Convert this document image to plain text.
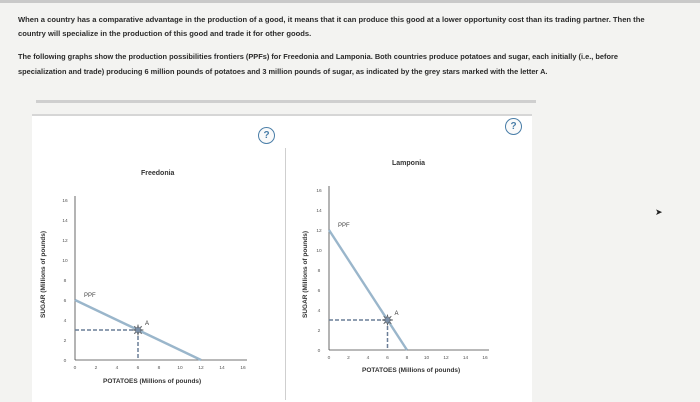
When a country has a comparative advantage in the production of a good, it means that it can produce this good at a lower opportunity cost than its trading partner. Then the country will specialize in the production of this good and trade it for other goods.
The following graphs show the production possibilities frontiers (PPFs) for Freedonia and Lamponia. Both countries produce potatoes and sugar, each initially (i.e., before specialization and trade) producing 6 million pounds of potatoes and 3 million pounds of sugar, as indicated by the grey stars marked with the letter A.
?
?
Freedonia
SUGAR (Millions of pounds)
POTATOES (Millions of pounds)
Lamponia
SUGAR (Millions of pounds)
POTATOES (Millions of pounds)
➤
0
2
4
6
8
10
12
14
16
0	2	4	6	8	10	12	14	16
PPF
A
0
2
4
6
8
10
12
14
16
0	2	4	6	8	10	12	14	16
PPF
A
